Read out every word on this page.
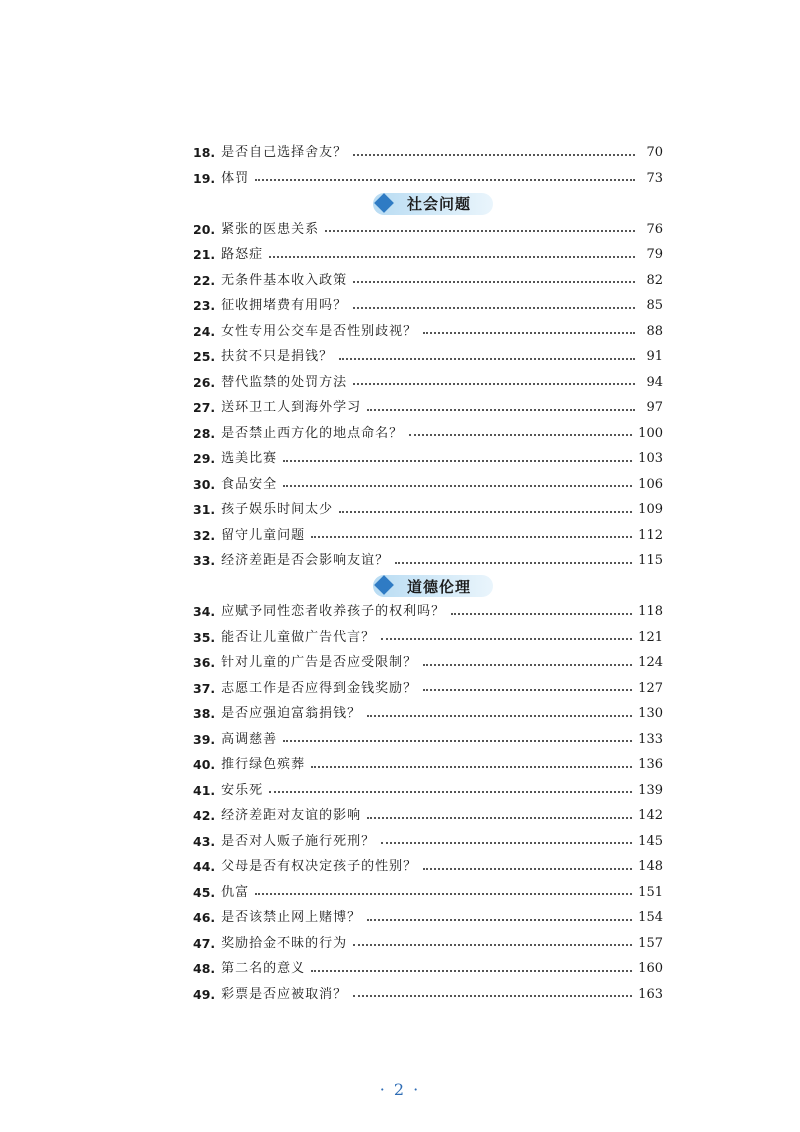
18. 是否自己选择舍友？	70
19. 体罚	73
社会问题
20. 紧张的医患关系	76
21. 路怒症	79
22. 无条件基本收入政策	82
23. 征收拥堵费有用吗？	85
24. 女性专用公交车是否性别歧视？	88
25. 扶贫不只是捐钱？	91
26. 替代监禁的处罚方法	94
27. 送环卫工人到海外学习	97
28. 是否禁止西方化的地点命名？	100
29. 选美比赛	103
30. 食品安全	106
31. 孩子娱乐时间太少	109
32. 留守儿童问题	112
33. 经济差距是否会影响友谊？	115
道德伦理
34. 应赋予同性恋者收养孩子的权利吗？	118
35. 能否让儿童做广告代言？	121
36. 针对儿童的广告是否应受限制？	124
37. 志愿工作是否应得到金钱奖励？	127
38. 是否应强迫富翁捐钱？	130
39. 高调慈善	133
40. 推行绿色殡葬	136
41. 安乐死	139
42. 经济差距对友谊的影响	142
43. 是否对人贩子施行死刑？	145
44. 父母是否有权决定孩子的性别？	148
45. 仇富	151
46. 是否该禁止网上赌博？	154
47. 奖励拾金不昧的行为	157
48. 第二名的意义	160
49. 彩票是否应被取消？	163
· 2 ·
